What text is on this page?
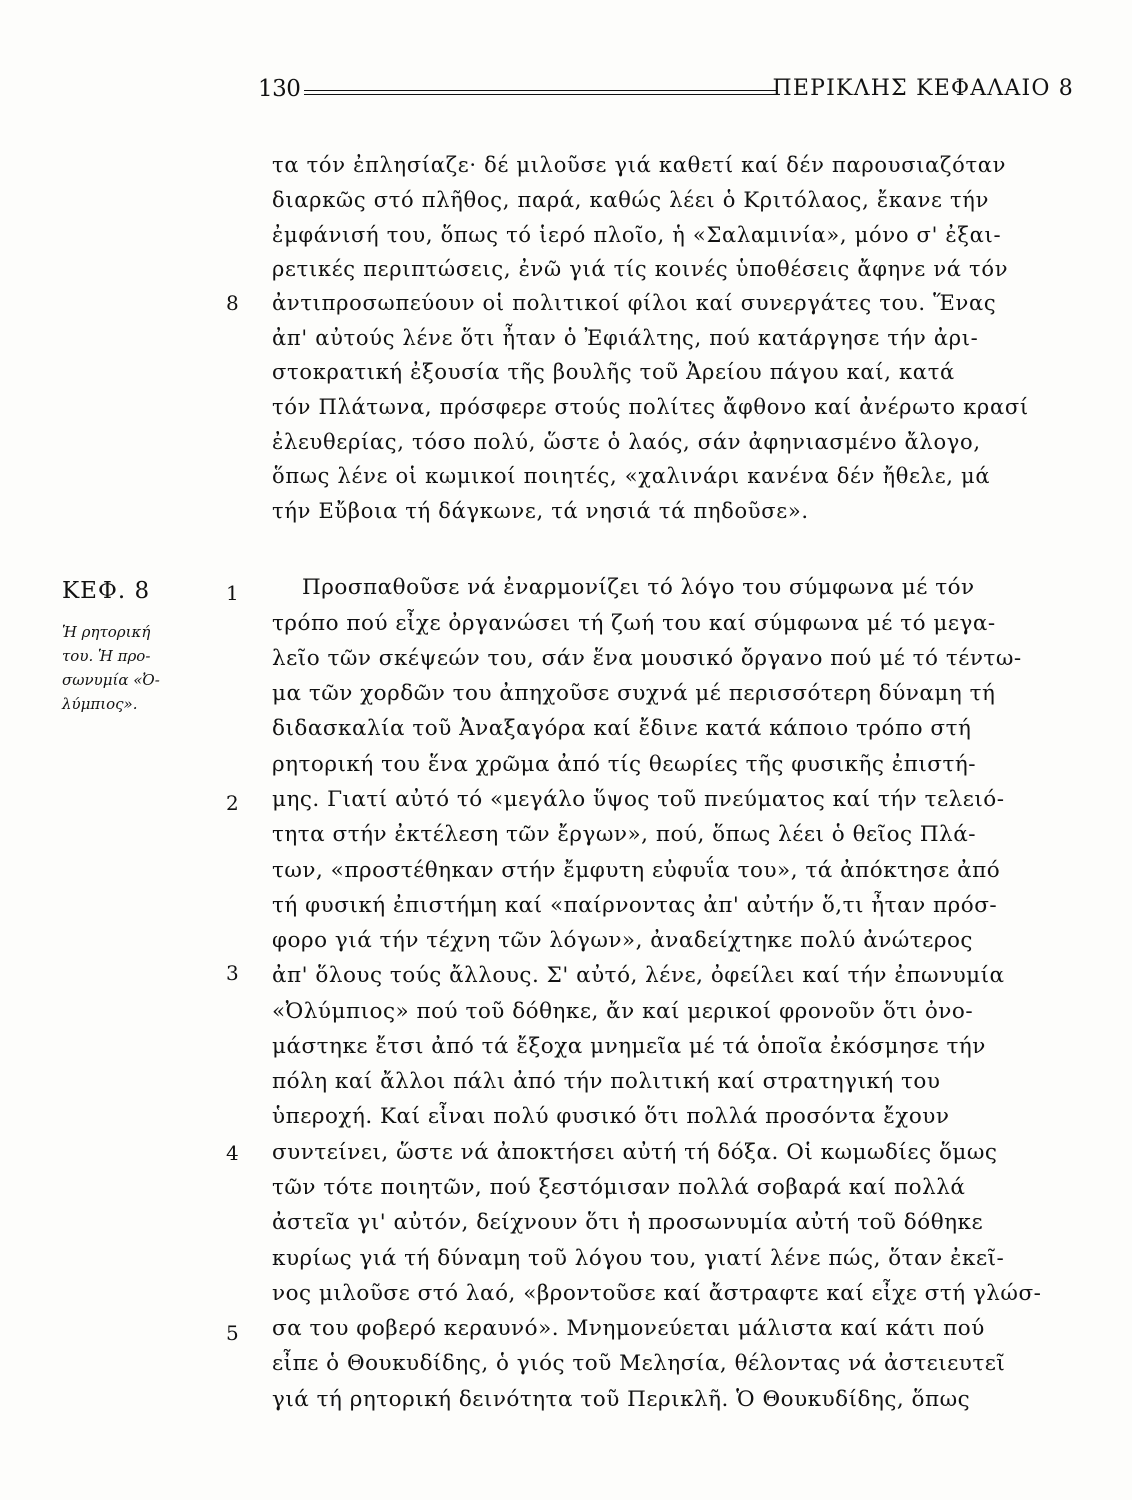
130	ΠΕΡΙΚΛΗΣ ΚΕΦΑΛΑΙΟ 8
ΚΕΦ. 8
Ἡ ρητορική
του. Ἡ προ-
σωνυμία «Ὀ-
λύμπιος».
8
1
2
3
4
5
τα τόν ἐπλησίαζε· δέ μιλοῦσε γιά καθετί καί δέν παρουσιαζόταν
διαρκῶς στό πλῆθος, παρά, καθώς λέει ὁ Κριτόλαος, ἔκανε τήν
ἐμφάνισή του, ὅπως τό ἱερό πλοῖο, ἡ «Σαλαμινία», μόνο σ' ἐξαι-
ρετικές περιπτώσεις, ἐνῶ γιά τίς κοινές ὑποθέσεις ἄφηνε νά τόν
ἀντιπροσωπεύουν οἱ πολιτικοί φίλοι καί συνεργάτες του. Ἕνας
ἀπ' αὐτούς λένε ὅτι ἦταν ὁ Ἐφιάλτης, πού κατάργησε τήν ἀρι-
στοκρατική ἐξουσία τῆς βουλῆς τοῦ Ἀρείου πάγου καί, κατά
τόν Πλάτωνα, πρόσφερε στούς πολίτες ἄφθονο καί ἀνέρωτο κρασί
ἐλευθερίας, τόσο πολύ, ὥστε ὁ λαός, σάν ἀφηνιασμένο ἄλογο,
ὅπως λένε οἱ κωμικοί ποιητές, «χαλινάρι κανένα δέν ἤθελε, μά
τήν Εὔβοια τή δάγκωνε, τά νησιά τά πηδοῦσε».
Προσπαθοῦσε νά ἐναρμονίζει τό λόγο του σύμφωνα μέ τόν
τρόπο πού εἶχε ὀργανώσει τή ζωή του καί σύμφωνα μέ τό μεγα-
λεῖο τῶν σκέψεών του, σάν ἕνα μουσικό ὄργανο πού μέ τό τέντω-
μα τῶν χορδῶν του ἀπηχοῦσε συχνά μέ περισσότερη δύναμη τή
διδασκαλία τοῦ Ἀναξαγόρα καί ἔδινε κατά κάποιο τρόπο στή
ρητορική του ἕνα χρῶμα ἀπό τίς θεωρίες τῆς φυσικῆς ἐπιστή-
μης. Γιατί αὐτό τό «μεγάλο ὕψος τοῦ πνεύματος καί τήν τελειό-
τητα στήν ἐκτέλεση τῶν ἔργων», πού, ὅπως λέει ὁ θεῖος Πλά-
των, «προστέθηκαν στήν ἔμφυτη εὐφυΐα του», τά ἀπόκτησε ἀπό
τή φυσική ἐπιστήμη καί «παίρνοντας ἀπ' αὐτήν ὅ,τι ἦταν πρόσ-
φορο γιά τήν τέχνη τῶν λόγων», ἀναδείχτηκε πολύ ἀνώτερος
ἀπ' ὅλους τούς ἄλλους. Σ' αὐτό, λένε, ὀφείλει καί τήν ἐπωνυμία
«Ὀλύμπιος» πού τοῦ δόθηκε, ἄν καί μερικοί φρονοῦν ὅτι ὀνο-
μάστηκε ἔτσι ἀπό τά ἔξοχα μνημεῖα μέ τά ὁποῖα ἐκόσμησε τήν
πόλη καί ἄλλοι πάλι ἀπό τήν πολιτική καί στρατηγική του
ὑπεροχή. Καί εἶναι πολύ φυσικό ὅτι πολλά προσόντα ἔχουν
συντείνει, ὥστε νά ἀποκτήσει αὐτή τή δόξα. Οἱ κωμωδίες ὅμως
τῶν τότε ποιητῶν, πού ξεστόμισαν πολλά σοβαρά καί πολλά
ἀστεῖα γι' αὐτόν, δείχνουν ὅτι ἡ προσωνυμία αὐτή τοῦ δόθηκε
κυρίως γιά τή δύναμη τοῦ λόγου του, γιατί λένε πώς, ὅταν ἐκεῖ-
νος μιλοῦσε στό λαό, «βροντοῦσε καί ἄστραφτε καί εἶχε στή γλώσ-
σα του φοβερό κεραυνό». Μνημονεύεται μάλιστα καί κάτι πού
εἶπε ὁ Θουκυδίδης, ὁ γιός τοῦ Μελησία, θέλοντας νά ἀστειευτεῖ
γιά τή ρητορική δεινότητα τοῦ Περικλῆ. Ὁ Θουκυδίδης, ὅπως
